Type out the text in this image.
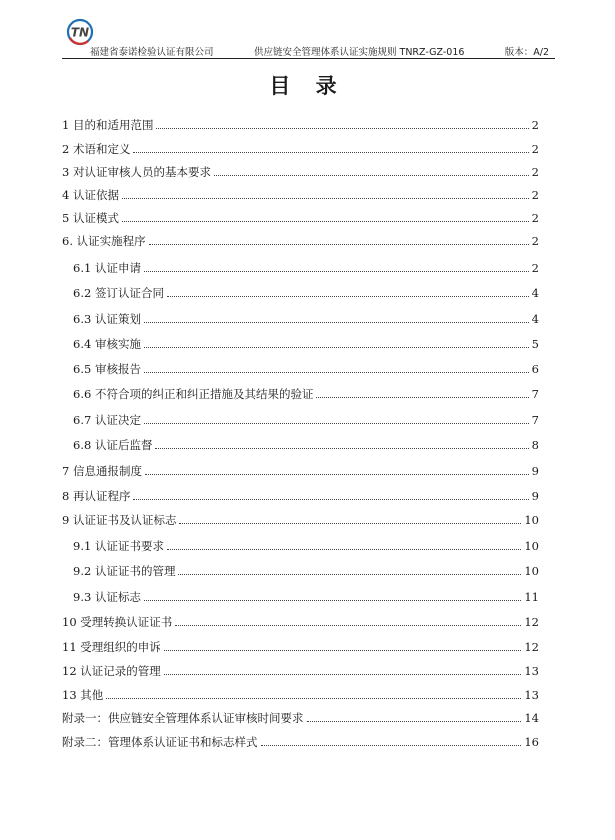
TN
福建省泰诺检验认证有限公司	供应链安全管理体系认证实施规则 TNRZ-GZ-016	版本：A/2
目 录
1 目的和适用范围	2
2 术语和定义	2
3 对认证审核人员的基本要求	2
4 认证依据	2
5 认证模式	2
6. 认证实施程序	2
6.1 认证申请	2
6.2 签订认证合同	4
6.3 认证策划	4
6.4 审核实施	5
6.5 审核报告	6
6.6 不符合项的纠正和纠正措施及其结果的验证	7
6.7 认证决定	7
6.8 认证后监督	8
7 信息通报制度	9
8 再认证程序	9
9 认证证书及认证标志	10
9.1 认证证书要求	10
9.2 认证证书的管理	10
9.3 认证标志	11
10 受理转换认证证书	12
11 受理组织的申诉	12
12 认证记录的管理	13
13 其他	13
附录一：供应链安全管理体系认证审核时间要求	14
附录二：管理体系认证证书和标志样式	16
